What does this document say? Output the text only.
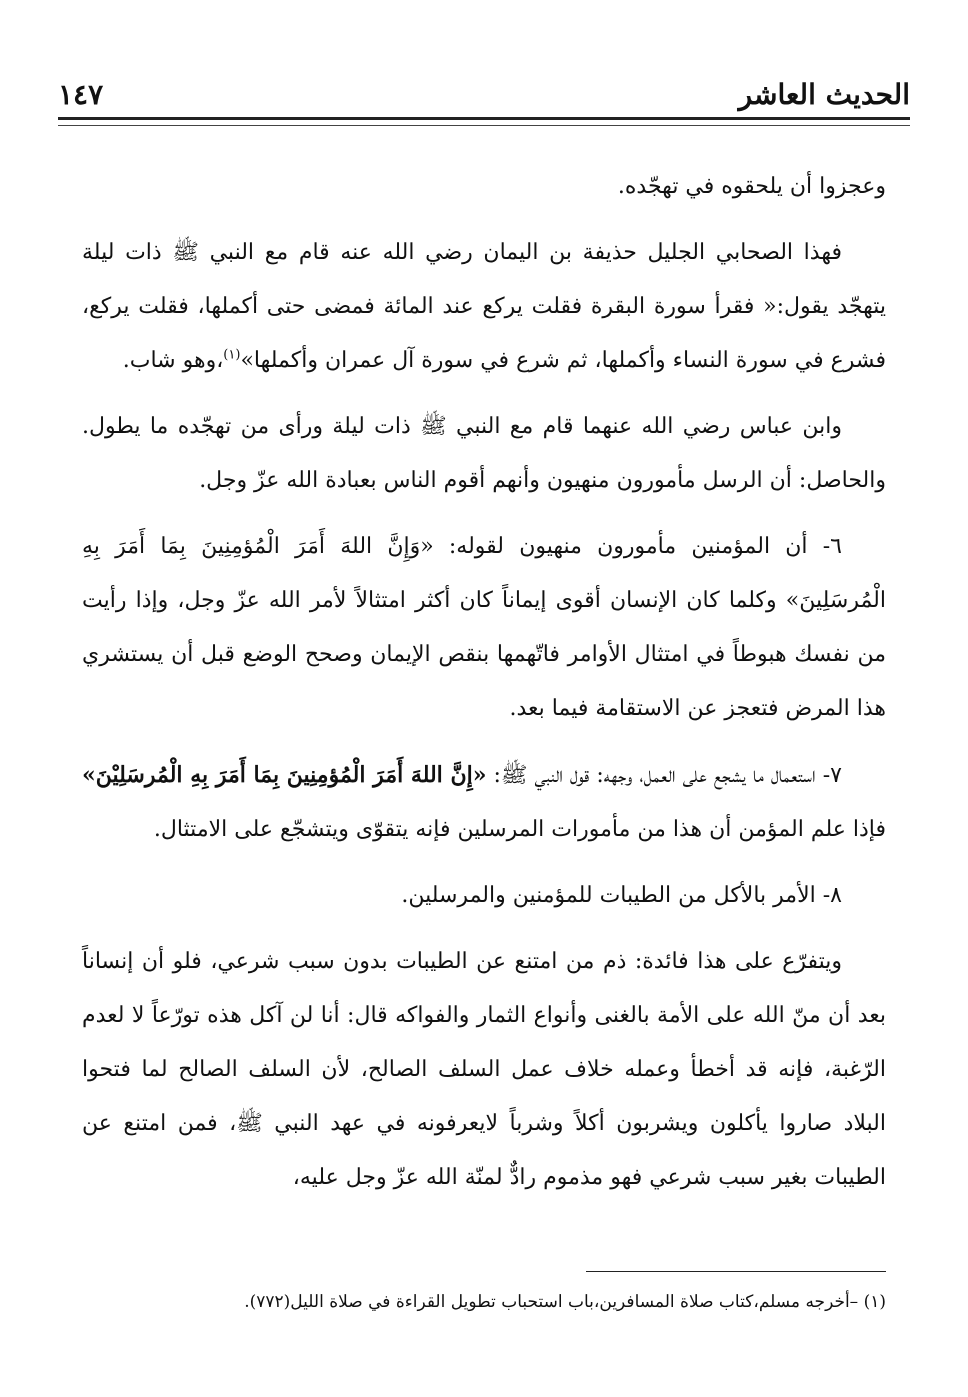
الحديث العاشر
١٤٧

وعجزوا أن يلحقوه في تهجّده.

فهذا الصحابي الجليل حذيفة بن اليمان رضي الله عنه قام مع النبي ﷺ ذات ليلة يتهجّد يقول:« فقرأ سورة البقرة فقلت يركع عند المائة فمضى حتى أكملها، فقلت يركع، فشرع في سورة النساء وأكملها، ثم شرع في سورة آل عمران وأكملها»$^{(١)}$،وهو شاب.

وابن عباس رضي الله عنهما قام مع النبي ﷺ ذات ليلة ورأى من تهجّده ما يطول. والحاصل: أن الرسل مأمورون منهيون وأنهم أقوم الناس بعبادة الله عزّ وجل.

٦- أن المؤمنين مأمورون منهيون لقوله: «وَإِنَّ اللهَ أَمَرَ الْمُؤمِنِينَ بِمَا أَمَرَ بِهِ الْمُرسَلِينَ» وكلما كان الإنسان أقوى إيماناً كان أكثر امتثالاً لأمر الله عزّ وجل، وإذا رأيت من نفسك هبوطاً في امتثال الأوامر فاتّهمها بنقص الإيمان وصحح الوضع قبل أن يستشري هذا المرض فتعجز عن الاستقامة فيما بعد.

٧- استعمال ما يشجع على العمل، وجهه: قول النبي ﷺ: «إِنَّ اللهَ أَمَرَ الْمُؤمِنِينَ بِمَا أَمَرَ بِهِ الْمُرسَلِيْنَ» فإذا علم المؤمن أن هذا من مأمورات المرسلين فإنه يتقوّى ويتشجّع على الامتثال.

٨- الأمر بالأكل من الطيبات للمؤمنين والمرسلين.

ويتفرّع على هذا فائدة: ذم من امتنع عن الطيبات بدون سبب شرعي، فلو أن إنساناً بعد أن منّ الله على الأمة بالغنى وأنواع الثمار والفواكه قال: أنا لن آكل هذه تورّعاً لا لعدم الرّغبة، فإنه قد أخطأ وعمله خلاف عمل السلف الصالح، لأن السلف الصالح لما فتحوا البلاد صاروا يأكلون ويشربون أكلاً وشرباً لايعرفونه في عهد النبي ﷺ، فمن امتنع عن الطيبات بغير سبب شرعي فهو مذموم رادٌّ لمنّة الله عزّ وجل عليه،

(١) –أخرجه مسلم،كتاب صلاة المسافرين،باب استحباب تطويل القراءة في صلاة الليل(٧٧٢).
